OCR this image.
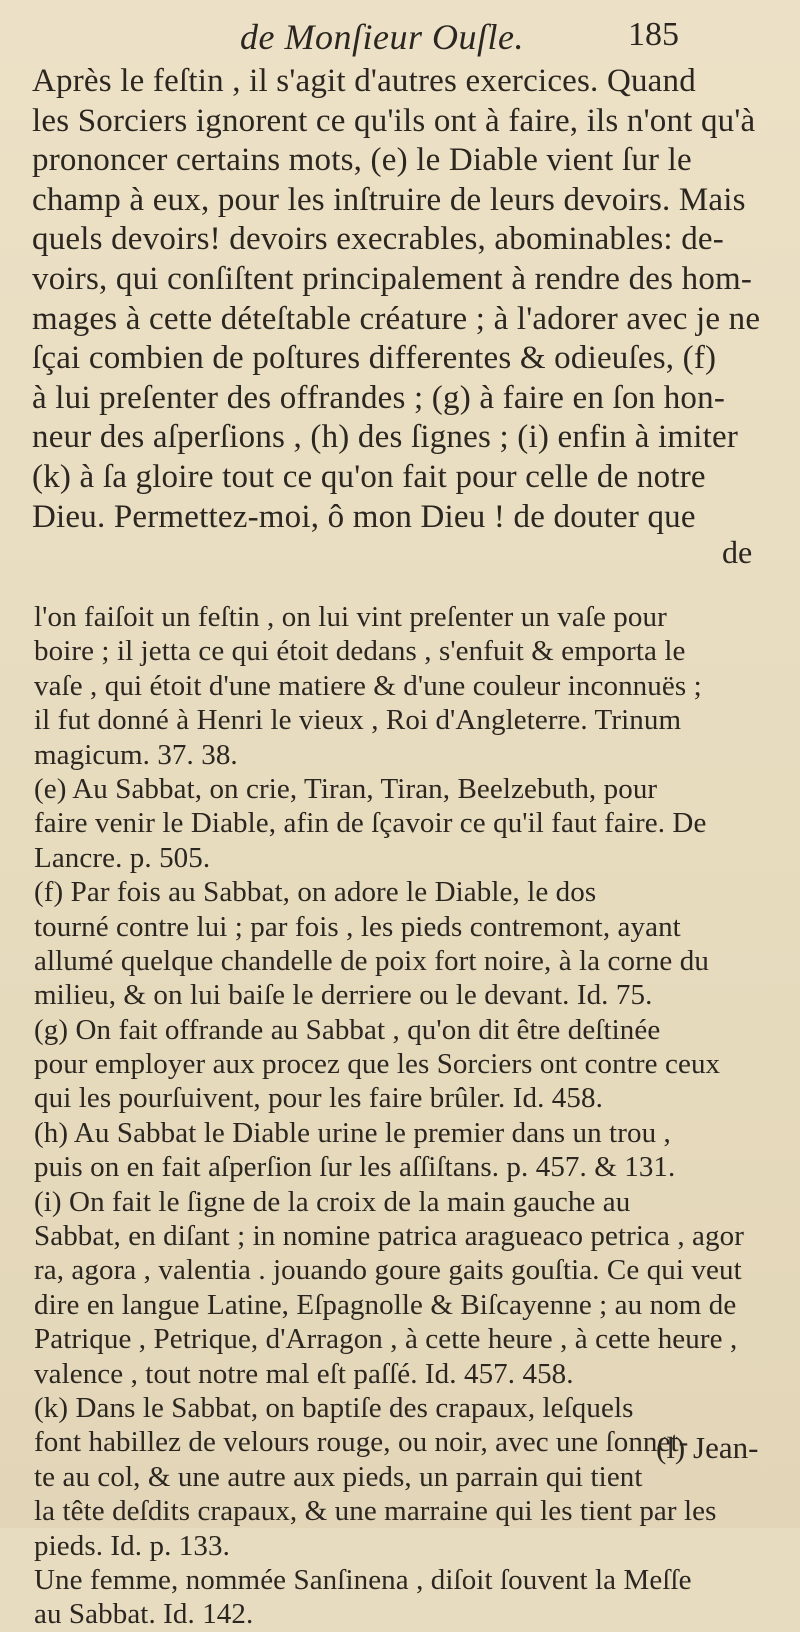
de Monſieur Ouſle.	185
Après le feſtin , il s'agit d'autres exercices. Quand
les Sorciers ignorent ce qu'ils ont à faire, ils n'ont qu'à
prononcer certains mots, (e) le Diable vient ſur le
champ à eux, pour les inſtruire de leurs devoirs. Mais
quels devoirs! devoirs execrables, abominables: de-
voirs, qui conſiſtent principalement à rendre des hom-
mages à cette déteſtable créature ; à l'adorer avec je ne
ſçai combien de poſtures differentes & odieuſes, (f)
à lui preſenter des offrandes ; (g) à faire en ſon hon-
neur des aſperſions , (h) des ſignes ; (i) enfin à imiter
(k) à ſa gloire tout ce qu'on fait pour celle de notre
Dieu. Permettez-moi, ô mon Dieu ! de douter que
de
l'on faiſoit un feſtin , on lui vint preſenter un vaſe pour
boire ; il jetta ce qui étoit dedans , s'enfuit & emporta le
vaſe , qui étoit d'une matiere & d'une couleur inconnuës ;
il fut donné à Henri le vieux , Roi d'Angleterre. Trinum
magicum. 37. 38.
(e) Au Sabbat, on crie, Tiran, Tiran, Beelzebuth, pour
faire venir le Diable, afin de ſçavoir ce qu'il faut faire. De
Lancre. p. 505.
(f) Par fois au Sabbat, on adore le Diable, le dos
tourné contre lui ; par fois , les pieds contremont, ayant
allumé quelque chandelle de poix fort noire, à la corne du
milieu, & on lui baiſe le derriere ou le devant. Id. 75.
(g) On fait offrande au Sabbat , qu'on dit être deſtinée
pour employer aux procez que les Sorciers ont contre ceux
qui les pourſuivent, pour les faire brûler. Id. 458.
(h) Au Sabbat le Diable urine le premier dans un trou ,
puis on en fait aſperſion ſur les aſſiſtans. p. 457. & 131.
(i) On fait le ſigne de la croix de la main gauche au
Sabbat, en diſant ; in nomine patrica aragueaco petrica , agor
ra, agora , valentia . jouando goure gaits gouſtia. Ce qui veut
dire en langue Latine, Eſpagnolle & Biſcayenne ; au nom de
Patrique , Petrique, d'Arragon , à cette heure , à cette heure ,
valence , tout notre mal eſt paſſé. Id. 457. 458.
(k) Dans le Sabbat, on baptiſe des crapaux, leſquels
font habillez de velours rouge, ou noir, avec une ſonnet-
te au col, & une autre aux pieds, un parrain qui tient
la tête deſdits crapaux, & une marraine qui les tient par les
pieds. Id. p. 133.
Une femme, nommée Sanſinena , diſoit ſouvent la Meſſe
au Sabbat. Id. 142.
(l) Jean-
